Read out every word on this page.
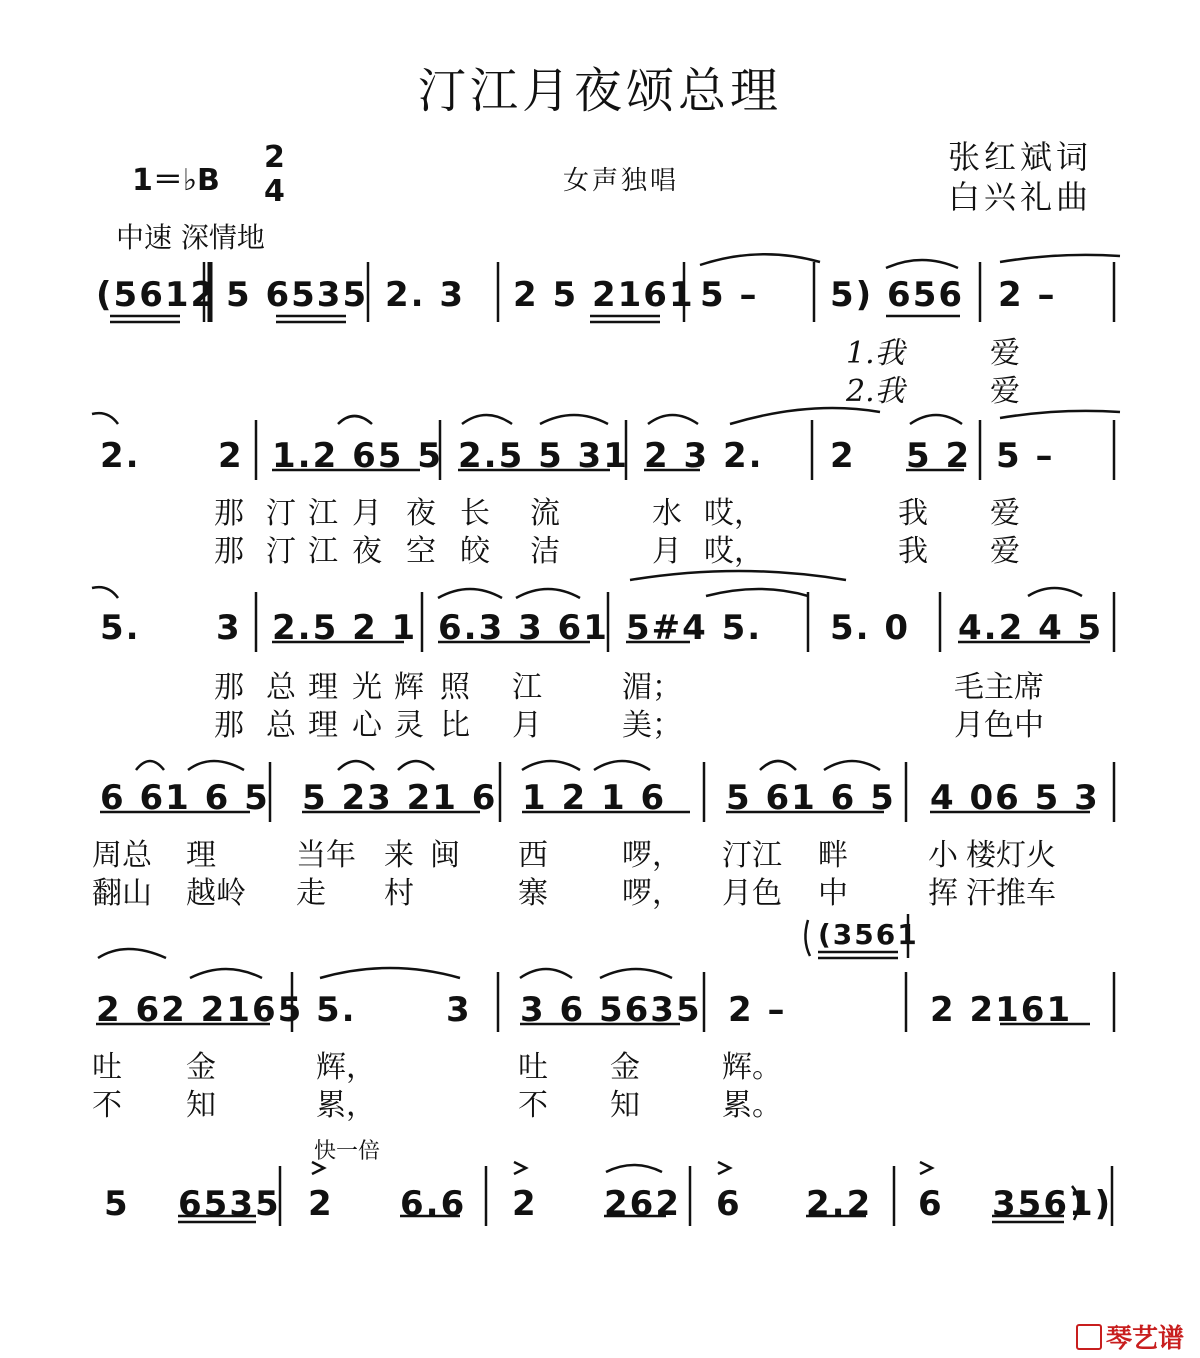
汀江月夜颂总理
1＝♭B
2
4	女声独唱
张红斌词
白兴礼曲
中速 深情地
(5612 5 6535 2. 3 2 5 2161 5 – 5) 656 2 –
1.我	爱
2.我	爱
2. 2 1.2 65 5 2.5 5 31 2 3 2. 2 5 2 5 –
那 汀 江 月 夜 长 流	水 哎，	我 爱
那 汀 江 夜 空 皎 洁	月 哎，	我 爱
5. 3 2.5 2 1 6.3 3 61 5#4 5. 5. 0 4.2 4 5
那 总 理 光 辉 照 江	湄；	毛主席
那 总 理 心 灵 比 月	美；	月色中
6 61 6 5 5 23 21 6 1 2 1 6 5 61 6 5 4 06 5 3
周总 理	当年 来 闽 西 啰， 汀江 畔	小 楼灯火
翻山 越岭 走 村	寨 啰， 月色 中	挥 汗推车
(3561
2 62 2165 5.	3 3 6 5635 2 –	2 2161
吐 金	辉，	吐 金	辉。
不 知	累，	不 知	累。
快一倍
5 6535 2 6.6 2 262 6 2.2 6 3561)
琴艺谱
